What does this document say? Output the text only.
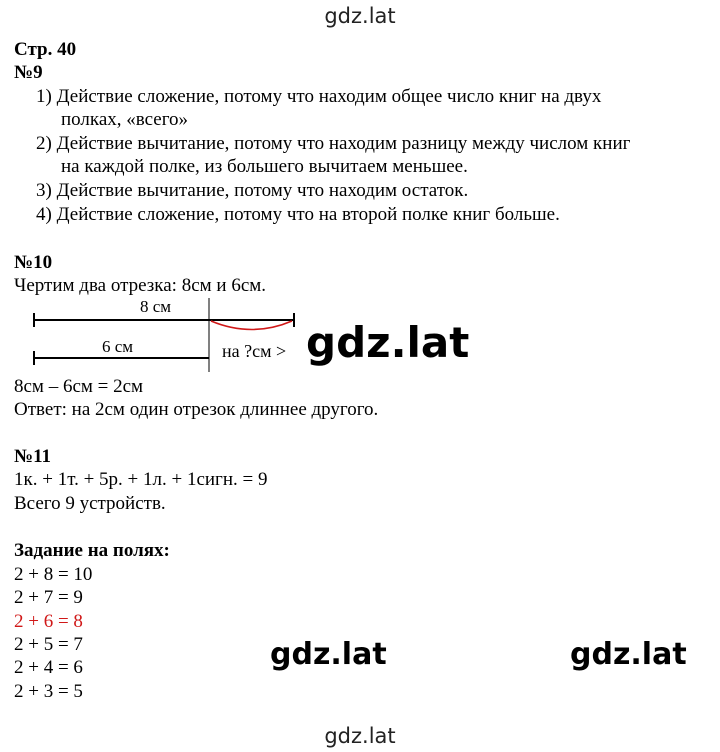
gdz.lat
Стр. 40
№9
1) Действие сложение, потому что находим общее число книг на двух
полках, «всего»
2) Действие вычитание, потому что находим разницу между числом книг
на каждой полке, из большего вычитаем меньшее.
3) Действие вычитание, потому что находим остаток.
4) Действие сложение, потому что на второй полке книг больше.
№10
Чертим два отрезка: 8см и 6см.
8 см
6 см	на ?см > gdz.lat
8см – 6см = 2см
Ответ: на 2см один отрезок длиннее другого.
№11
1к. + 1т. + 5р. + 1л. + 1сигн. = 9
Всего 9 устройств.
Задание на полях:
2 + 8 = 10
2 + 7 = 9
2 + 6 = 8
2 + 5 = 7
2 + 4 = 6
2 + 3 = 5
gdz.lat	gdz.lat
gdz.lat
